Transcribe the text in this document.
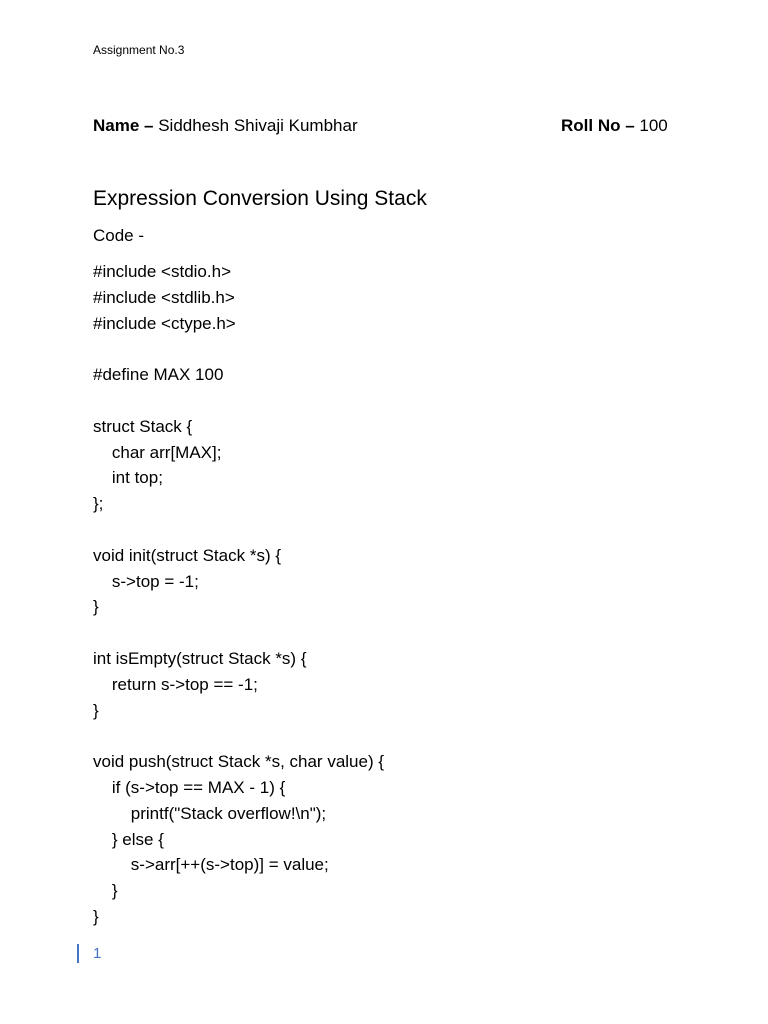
Assignment No.3
Name – Siddhesh Shivaji Kumbhar	Roll No – 100
Expression Conversion Using Stack
Code -
#include <stdio.h>
#include <stdlib.h>
#include <ctype.h>
#define MAX 100
struct Stack {
char arr[MAX];
int top;
};
void init(struct Stack *s) {
s->top = -1;
}
int isEmpty(struct Stack *s) {
return s->top == -1;
}
void push(struct Stack *s, char value) {
if (s->top == MAX - 1) {
printf("Stack overflow!\n");
} else {
s->arr[++(s->top)] = value;
}
}
1
